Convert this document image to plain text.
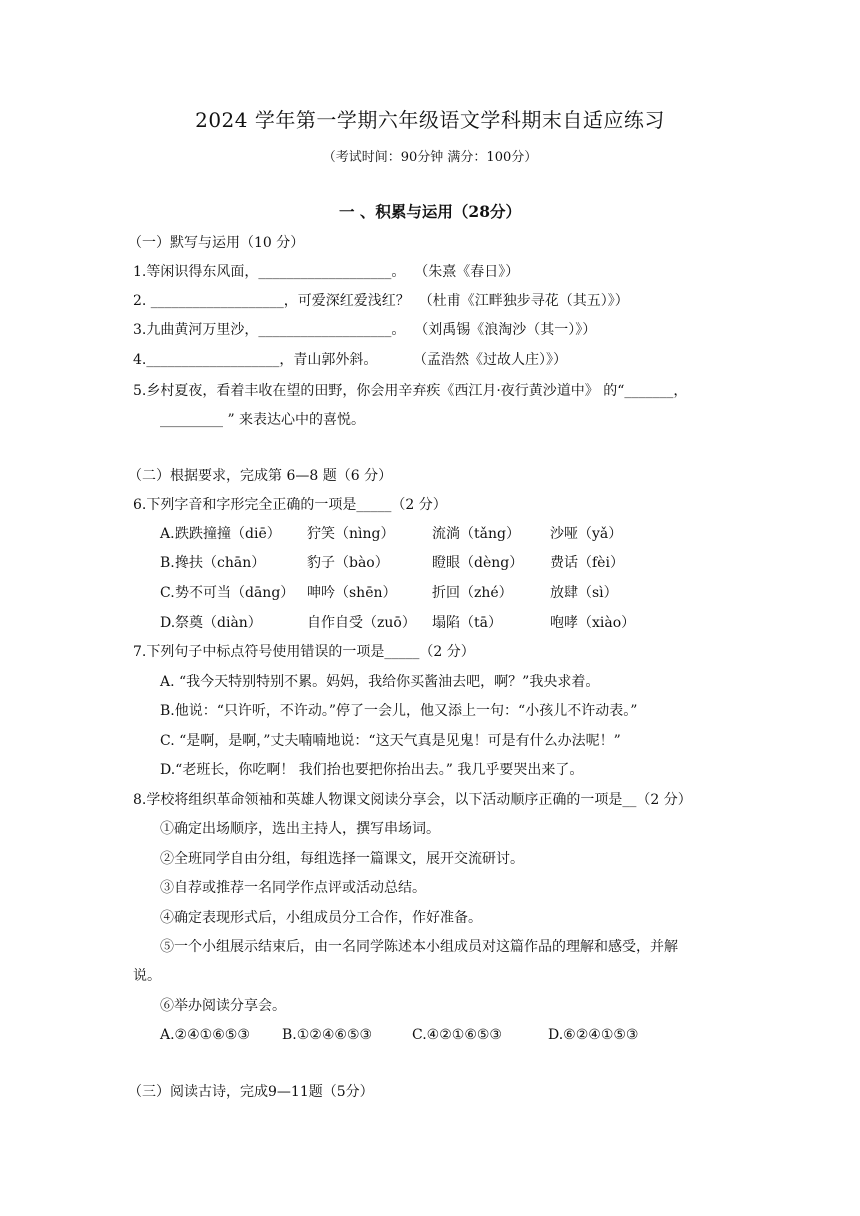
2024 学年第一学期六年级语文学科期末自适应练习
（考试时间：90分钟 满分：100分）
一 、积累与运用（28分）
（一）默写与运用（10 分）
1.等闲识得东风面，___________________。  （朱熹《春日》）
2. ___________________，可爱深红爱浅红？  （杜甫《江畔独步寻花（其五）》）
3.九曲黄河万里沙，___________________。  （刘禹锡《浪淘沙（其一）》）
4.___________________，青山郭外斜。        （孟浩然《过故人庄）》）
5.乡村夏夜，看着丰收在望的田野，你会用辛弃疾《西江月·夜行黄沙道中》 的“_______，
_________ ” 来表达心中的喜悦。
（二）根据要求，完成第 6—8 题（6 分）
6.下列字音和字形完全正确的一项是_____（2 分）
A. 跌跌撞撞（diē） 狞笑（nìng）	流淌（tǎng） 沙哑（yǎ）
B. 搀扶（chān）	豹子（bào）	瞪眼（dèng） 费话（fèi）
C. 势不可当（dāng） 呻吟（shēn）	折回（zhé）	放肆（sì）
D. 祭奠（diàn）	自作自受（zuō） 塌陷（tā）	咆哮（xiào）
7.下列句子中标点符号使用错误的一项是_____（2 分）
A. “我今天特别特别不累。妈妈，我给你买酱油去吧，啊？”我央求着。
B.他说：“只许听，不许动。”停了一会儿，他又添上一句：“小孩儿不许动表。”
C. “是啊，是啊，”丈夫喃喃地说：“这天气真是见鬼！可是有什么办法呢！”
D.“老班长，你吃啊！ 我们抬也要把你抬出去。” 我几乎要哭出来了。
8.学校将组织革命领袖和英雄人物课文阅读分享会，以下活动顺序正确的一项是__（2 分）
①确定出场顺序，选出主持人，撰写串场词。
②全班同学自由分组，每组选择一篇课文，展开交流研讨。
③自荐或推荐一名同学作点评或活动总结。
④确定表现形式后，小组成员分工合作，作好准备。
⑤一个小组展示结束后，由一名同学陈述本小组成员对这篇作品的理解和感受，并解
说。
⑥举办阅读分享会。
A.②④①⑥⑤③ B.①②④⑥⑤③	C.④②①⑥⑤③	D.⑥②④①⑤③
（三）阅读古诗，完成9—11题（5分）
